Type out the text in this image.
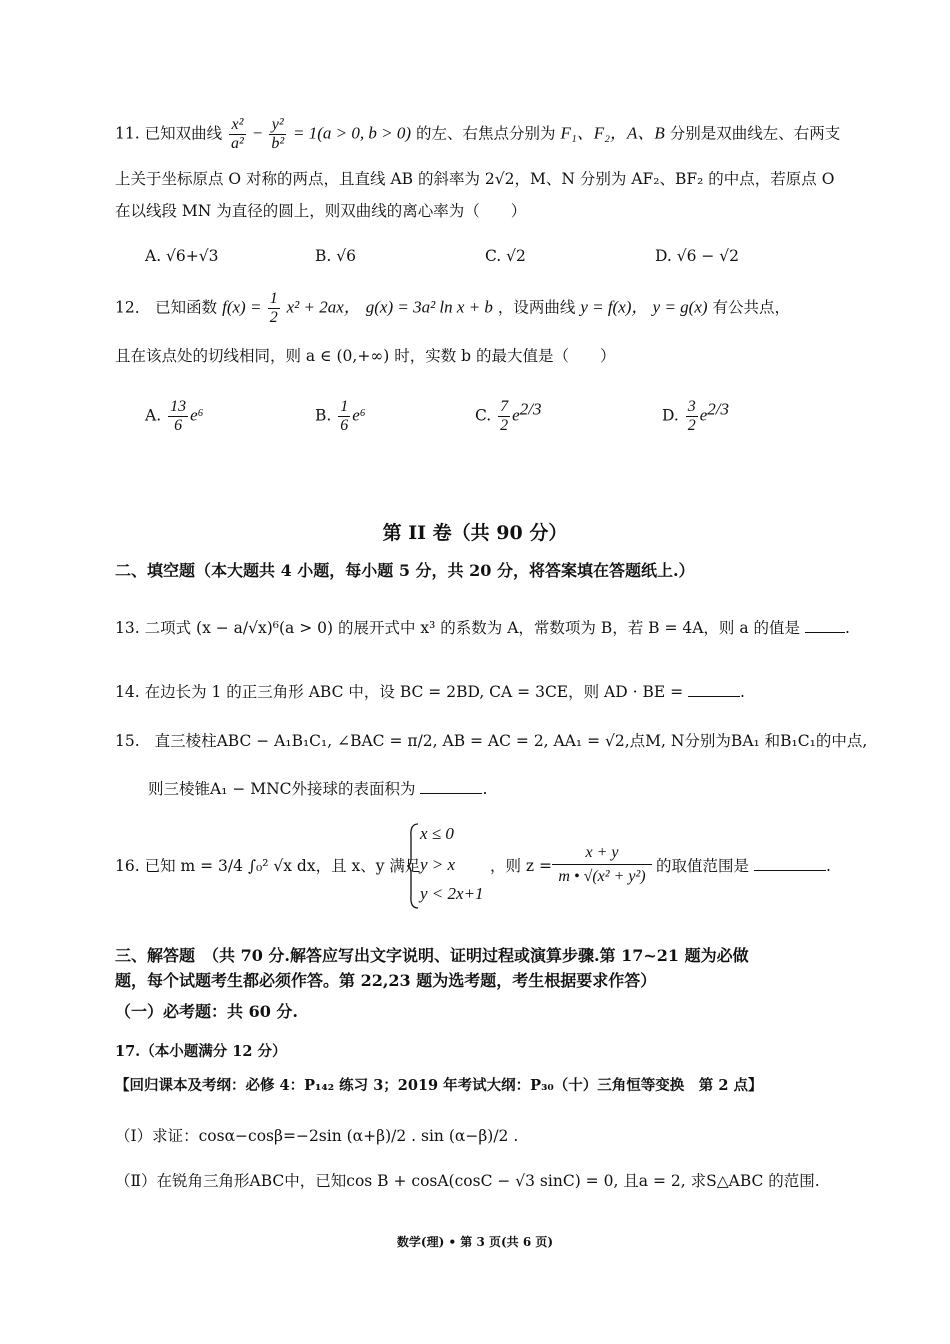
11. 已知双曲线 $\frac{\text{x²}}{\text{a²}} - \frac{\text{y²}}{\text{b²}} = 1(a > 0$, b > 0) 的左、右焦点分别为 F₁、F₂，A、B 分别是双曲线左、右两支
上关于坐标原点 O 对称的两点，且直线 AB 的斜率为 2√2，M、N 分别为 AF₂、BF₂ 的中点，若原点 O
在以线段 MN 为直径的圆上，则双曲线的离心率为（　　）
A. √6+√3	B. √6	C. √2	D. √6 − √2
12． 已知函数 $f(x) = \frac{1}{2} x^2 + 2ax$， g(x) = 3a² ln x + b ，设两曲线 y = f(x)， y = g(x) 有公共点，
且在该点处的切线相同，则 a ∈ (0,+∞) 时，实数 b 的最大值是（　　）
A. $\frac{13}{6} e^6$	B. $\frac{1}{6} e^6$	C. $\frac{7}{2} e^{2/3}$	D. $\frac{3}{2} e^{2/3}$
第 II 卷（共 90 分）
二、填空题（本大题共 4 小题，每小题 5 分，共 20 分，将答案填在答题纸上.）
13. 二项式 (x − a/√x)⁶(a > 0) 的展开式中 x³ 的系数为 A，常数项为 B，若 B = 4A，则 a 的值是	.
14. 在边长为 1 的正三角形 ABC 中，设 BC = 2BD, CA = 3CE，则 AD · BE =	.
15. 直三棱柱ABC − A₁B₁C₁, ∠BAC = π/2, AB = AC = 2, AA₁ = √2,点M, N分别为BA₁ 和B₁C₁的中点,
则三棱锥A₁ − MNC外接球的表面积为	.
16. 已知 m = 3/4 ∫₀² √x dx，且 x、y 满足
x ≤ 0
y > x
y < 2x+1
，则 $z = \frac{x + y}{\text{m • √(x² + y²)}}$ 的取值范围是	.
三、解答题　（共 70 分.解答应写出文字说明、证明过程或演算步骤.第 17~21 题为必做
题，每个试题考生都必须作答。第 22,23 题为选考题，考生根据要求作答）
（一）必考题：共 60 分.
17.（本小题满分 12 分）
【回归课本及考纲：必修 4：P₁₄₂ 练习 3；2019 年考试大纲：P₃₀（十）三角恒等变换　第 2 点】
（Ⅰ）求证：cosα−cosβ=−2sin (α+β)/2 . sin (α−β)/2 .
（Ⅱ）在锐角三角形ABC中，已知cos B + cosA(cosC − √3 sinC) = 0, 且a = 2, 求S△ABC 的范围.
数学(理) • 第 3 页(共 6 页)
